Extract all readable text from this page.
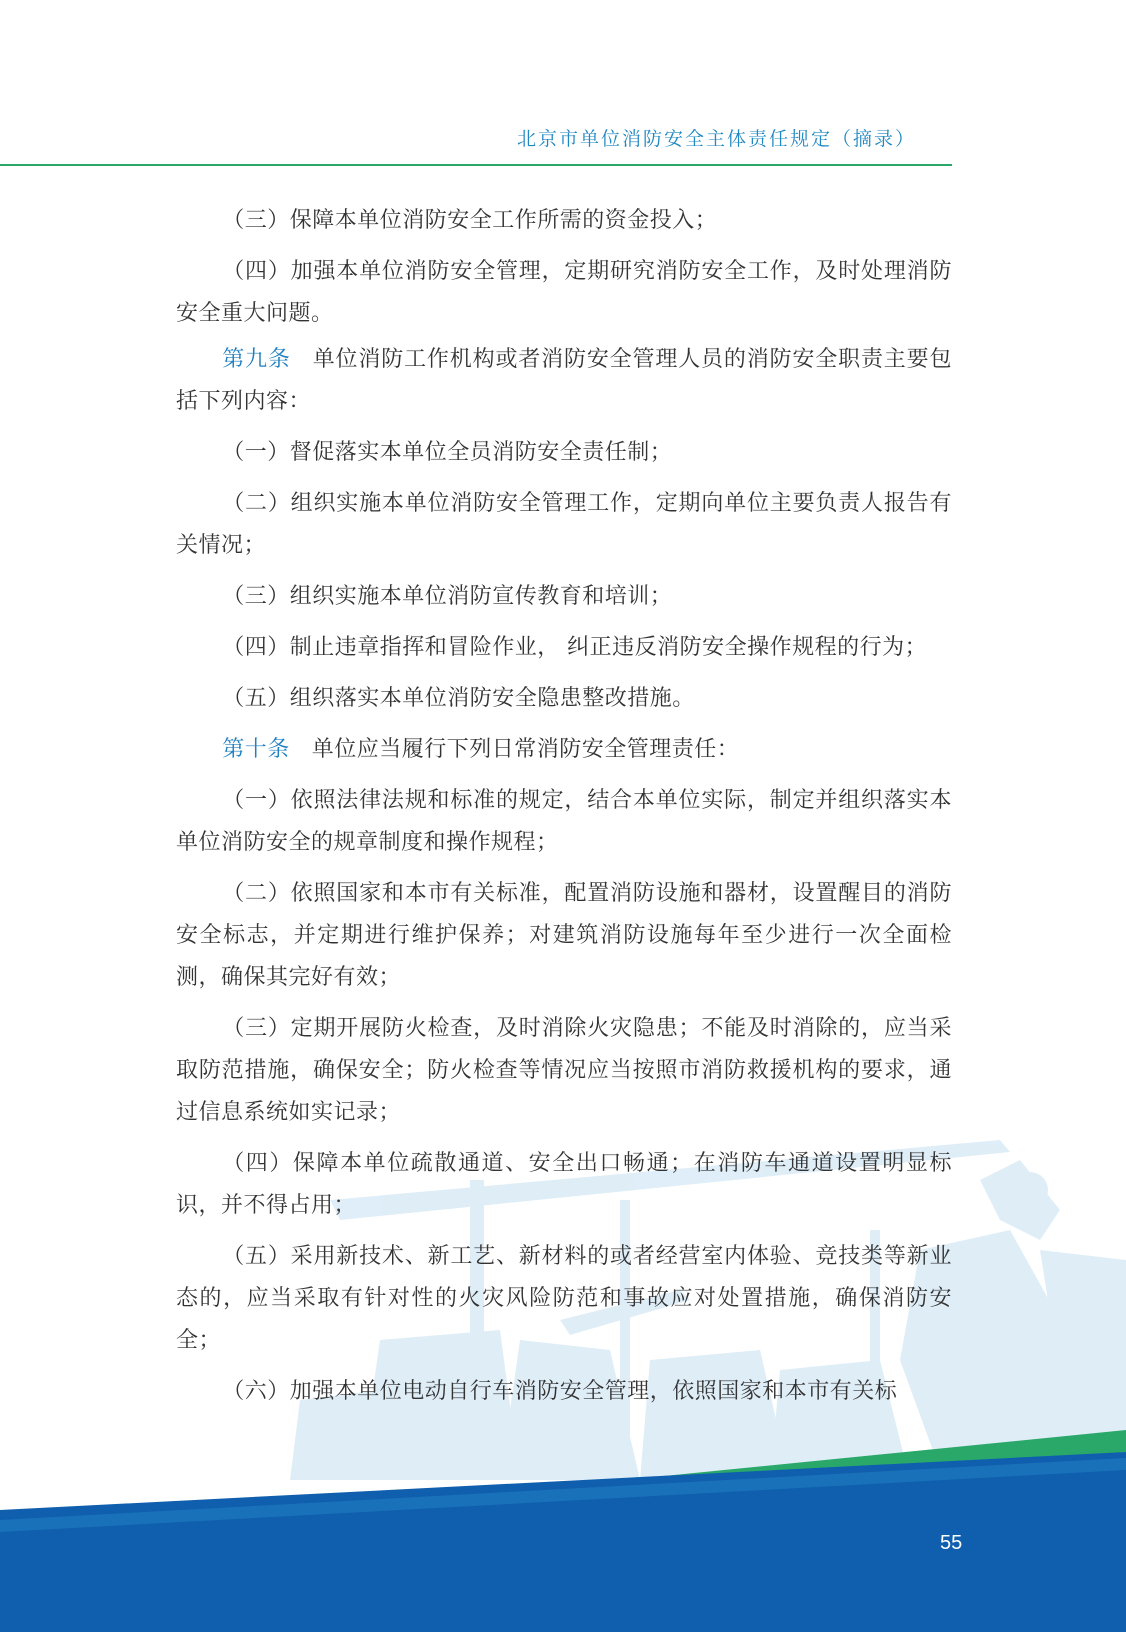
北京市单位消防安全主体责任规定（摘录）

（三）保障本单位消防安全工作所需的资金投入；

（四）加强本单位消防安全管理，定期研究消防安全工作，及时处理消防安全重大问题。

第九条 单位消防工作机构或者消防安全管理人员的消防安全职责主要包括下列内容：

（一）督促落实本单位全员消防安全责任制；

（二）组织实施本单位消防安全管理工作，定期向单位主要负责人报告有关情况；

（三）组织实施本单位消防宣传教育和培训；

（四）制止违章指挥和冒险作业， 纠正违反消防安全操作规程的行为；

（五）组织落实本单位消防安全隐患整改措施。

第十条 单位应当履行下列日常消防安全管理责任：

（一）依照法律法规和标准的规定，结合本单位实际，制定并组织落实本单位消防安全的规章制度和操作规程；

（二）依照国家和本市有关标准，配置消防设施和器材，设置醒目的消防安全标志，并定期进行维护保养；对建筑消防设施每年至少进行一次全面检测，确保其完好有效；

（三）定期开展防火检查，及时消除火灾隐患；不能及时消除的，应当采取防范措施，确保安全；防火检查等情况应当按照市消防救援机构的要求，通过信息系统如实记录；

（四）保障本单位疏散通道、安全出口畅通；在消防车通道设置明显标识，并不得占用；

（五）采用新技术、新工艺、新材料的或者经营室内体验、竞技类等新业态的，应当采取有针对性的火灾风险防范和事故应对处置措施，确保消防安全；

（六）加强本单位电动自行车消防安全管理，依照国家和本市有关标

55
